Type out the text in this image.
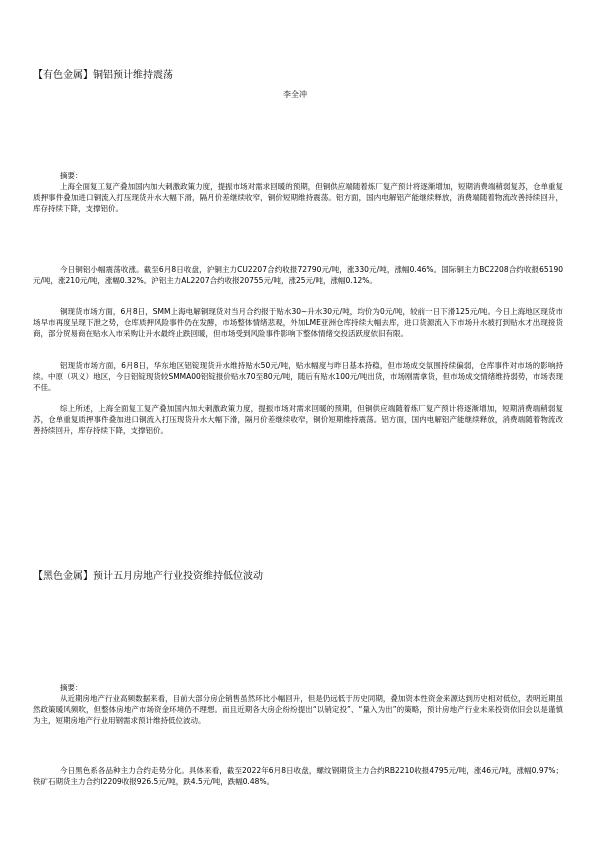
【有色金属】铜铝预计维持震荡
李全冲
摘要：

上海全面复工复产叠加国内加大刺激政策力度，提振市场对需求回暖的预期，但铜供应端随着炼厂复产预计将逐渐增加，短期消费端稍弱复苏，仓单重复质押事件叠加进口铜流入打压现货升水大幅下滑，隔月价差继续收窄，铜价短期维持震荡。铝方面，国内电解铝产能继续释放，消费端随着物流改善持续回升，库存持续下降，支撑铝价。

今日铜铝小幅震荡收涨。截至6月8日收盘，沪铜主力CU2207合约收报72790元/吨，涨330元/吨，涨幅0.46%。国际铜主力BC2208合约收报65190元/吨，涨210元/吨，涨幅0.32%。沪铝主力AL2207合约收报20755元/吨，涨25元/吨，涨幅0.12%。

铜现货市场方面，6月8日，SMM上海电解铜现货对当月合约报于贴水30~升水30元/吨，均价为0元/吨，较前一日下滑125元/吨。今日上海地区现货市场早市再度呈现下泄之势，仓库质押风险事件仍在发酵，市场整体情绪悲观，外加LME亚洲仓库持续大幅去库，进口货源流入下市场升水被打到贴水才出现接货商，部分贸易商在贴水入市采购让升水最终止跌回暖，但市场受到风险事件影响下整体情绪交投活跃度依旧有限。

铝现货市场方面，6月8日，华东地区铝锭现货升水维持贴水50元/吨，贴水幅度与昨日基本持稳，但市场成交氛围持续偏弱，仓库事件对市场的影响持续。中原（巩义）地区，今日铝锭现货较SMMA00铝锭报价贴水70至80元/吨，随后有贴水100元/吨出货，市场刚需拿货，但市场成交情绪维持弱势，市场表现不佳。

综上所述，上海全面复工复产叠加国内加大刺激政策力度，提振市场对需求回暖的预期，但铜供应端随着炼厂复产预计将逐渐增加，短期消费端稍弱复苏，仓单重复质押事件叠加进口铜流入打压现货升水大幅下滑，隔月价差继续收窄，铜价短期维持震荡。铝方面，国内电解铝产能继续释放，消费端随着物流改善持续回升，库存持续下降，支撑铝价。

【黑色金属】预计五月房地产行业投资维持低位波动
摘要：

从近期房地产行业高频数据来看，目前大部分房企销售虽然环比小幅回升，但是仍远低于历史同期，叠加资本性资金来源达到历史相对低位，表明近期虽然政策暖风频吹，但整体房地产市场资金环境仍不理想。而且近期各大房企纷纷提出“以销定投”、“量入为出”的策略，预计房地产行业未来投资依旧会以是谨慎为主，短期房地产行业用钢需求预计维持低位波动。

今日黑色系各品种主力合约走势分化。具体来看，截至2022年6月8日收盘，螺纹钢期货主力合约RB2210收报4795元/吨，涨46元/吨，涨幅0.97%；铁矿石期货主力合约I2209收报926.5元/吨，跌4.5元/吨，跌幅0.48%。
